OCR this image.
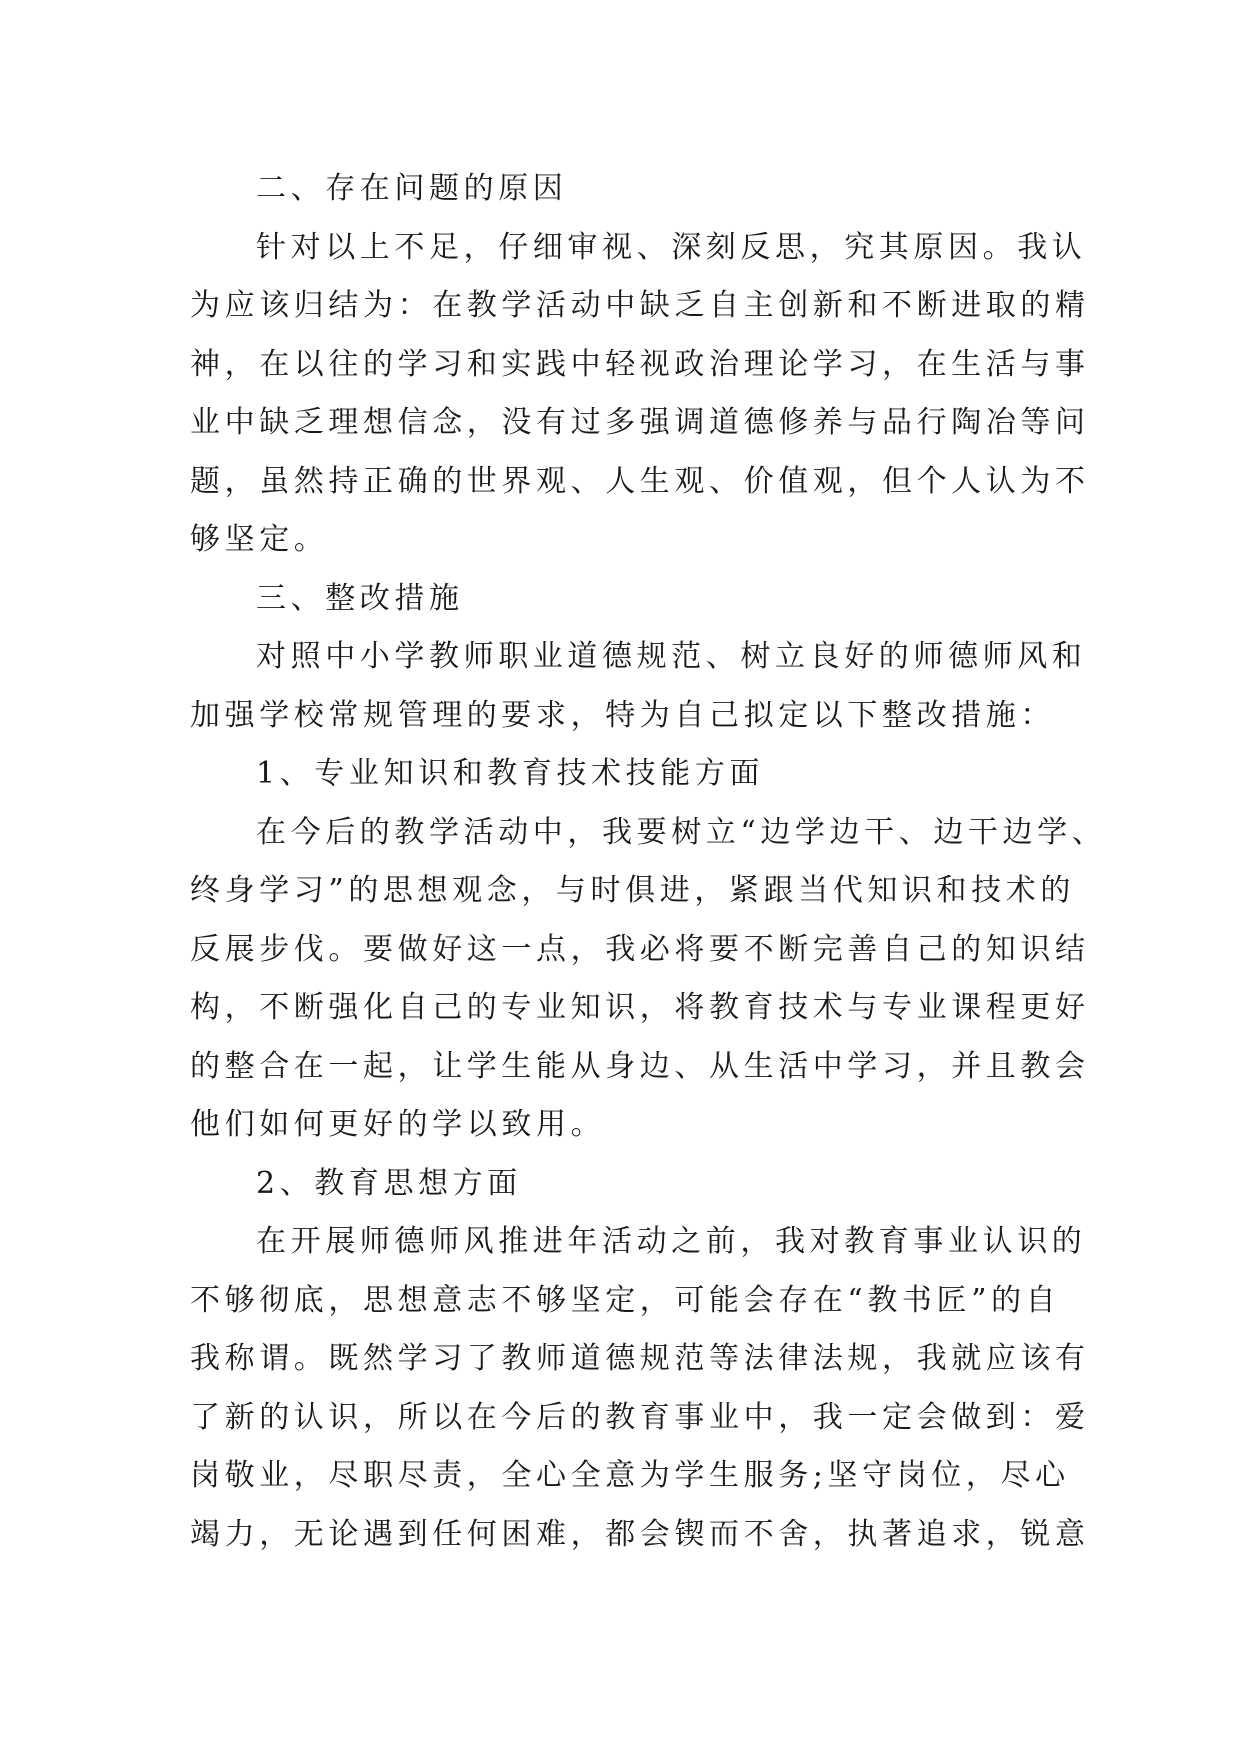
二、存在问题的原因
针对以上不足，仔细审视、深刻反思，究其原因。我认
为应该归结为：在教学活动中缺乏自主创新和不断进取的精
神，在以往的学习和实践中轻视政治理论学习，在生活与事
业中缺乏理想信念，没有过多强调道德修养与品行陶冶等问
题，虽然持正确的世界观、人生观、价值观，但个人认为不
够坚定。
三、整改措施
对照中小学教师职业道德规范、树立良好的师德师风和
加强学校常规管理的要求，特为自己拟定以下整改措施：
1、专业知识和教育技术技能方面
在今后的教学活动中，我要树立“边学边干、边干边学、
终身学习”的思想观念，与时俱进，紧跟当代知识和技术的
反展步伐。要做好这一点，我必将要不断完善自己的知识结
构，不断强化自己的专业知识，将教育技术与专业课程更好
的整合在一起，让学生能从身边、从生活中学习，并且教会
他们如何更好的学以致用。
2、教育思想方面
在开展师德师风推进年活动之前，我对教育事业认识的
不够彻底，思想意志不够坚定，可能会存在“教书匠”的自
我称谓。既然学习了教师道德规范等法律法规，我就应该有
了新的认识，所以在今后的教育事业中，我一定会做到：爱
岗敬业，尽职尽责，全心全意为学生服务;坚守岗位，尽心
竭力，无论遇到任何困难，都会锲而不舍，执著追求，锐意
